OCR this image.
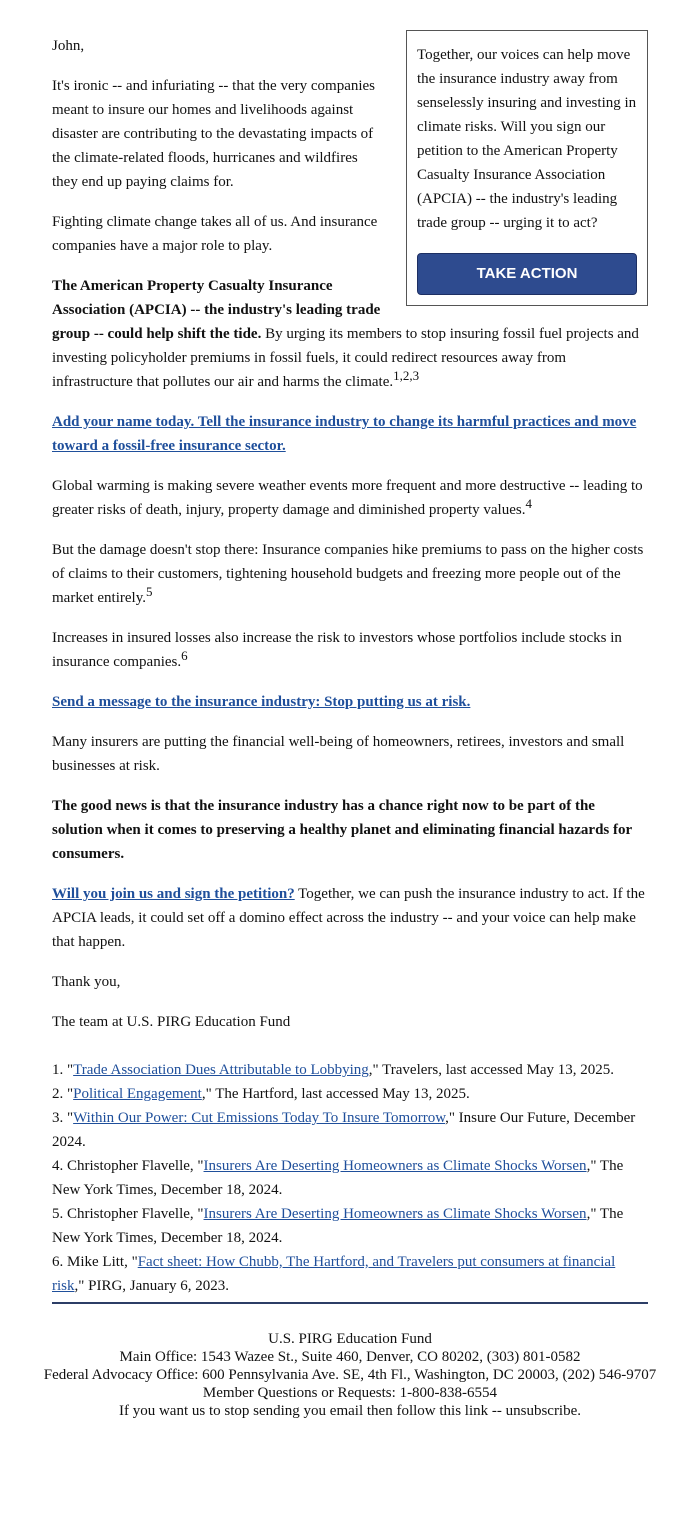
Together, our voices can help move the insurance industry away from senselessly insuring and investing in climate risks. Will you sign our petition to the American Property Casualty Insurance Association (APCIA) -- the industry's leading trade group -- urging it to act?

TAKE ACTION

John,

It's ironic -- and infuriating -- that the very companies meant to insure our homes and livelihoods against disaster are contributing to the devastating impacts of the climate-related floods, hurricanes and wildfires they end up paying claims for.

Fighting climate change takes all of us. And insurance companies have a major role to play.

The American Property Casualty Insurance Association (APCIA) -- the industry's leading trade group -- could help shift the tide. By urging its members to stop insuring fossil fuel projects and investing policyholder premiums in fossil fuels, it could redirect resources away from infrastructure that pollutes our air and harms the climate.$^{1,2,3}$

Add your name today. Tell the insurance industry to change its harmful practices and move toward a fossil-free insurance sector.

Global warming is making severe weather events more frequent and more destructive -- leading to greater risks of death, injury, property damage and diminished property values.$^4$

But the damage doesn't stop there: Insurance companies hike premiums to pass on the higher costs of claims to their customers, tightening household budgets and freezing more people out of the market entirely.$^5$

Increases in insured losses also increase the risk to investors whose portfolios include stocks in insurance companies.$^6$

Send a message to the insurance industry: Stop putting us at risk.

Many insurers are putting the financial well-being of homeowners, retirees, investors and small businesses at risk.

The good news is that the insurance industry has a chance right now to be part of the solution when it comes to preserving a healthy planet and eliminating financial hazards for consumers.

Will you join us and sign the petition? Together, we can push the insurance industry to act. If the APCIA leads, it could set off a domino effect across the industry -- and your voice can help make that happen.

Thank you,

The team at U.S. PIRG Education Fund

1. "Trade Association Dues Attributable to Lobbying," Travelers, last accessed May 13, 2025.
2. "Political Engagement," The Hartford, last accessed May 13, 2025.
3. "Within Our Power: Cut Emissions Today To Insure Tomorrow," Insure Our Future, December 2024.
4. Christopher Flavelle, "Insurers Are Deserting Homeowners as Climate Shocks Worsen," The New York Times, December 18, 2024.
5. Christopher Flavelle, "Insurers Are Deserting Homeowners as Climate Shocks Worsen," The New York Times, December 18, 2024.
6. Mike Litt, "Fact sheet: How Chubb, The Hartford, and Travelers put consumers at financial risk," PIRG, January 6, 2023.
U.S. PIRG Education Fund
Main Office: 1543 Wazee St., Suite 460, Denver, CO 80202, (303) 801-0582
Federal Advocacy Office: 600 Pennsylvania Ave. SE, 4th Fl., Washington, DC 20003, (202) 546-9707
Member Questions or Requests: 1-800-838-6554
If you want us to stop sending you email then follow this link -- unsubscribe.
